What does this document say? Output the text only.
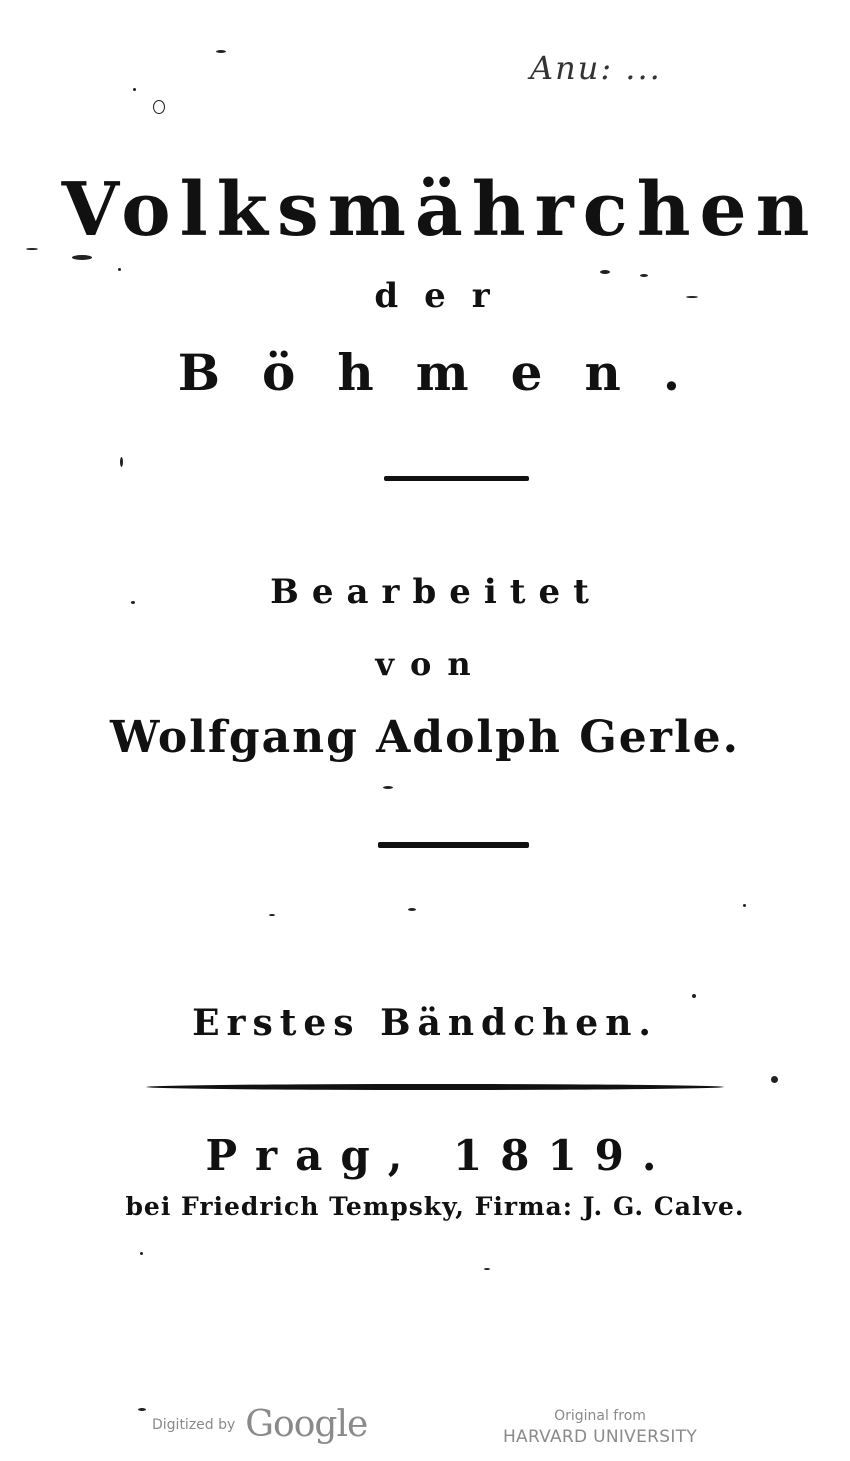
Anu: ...
Volksmährchen
der
Böhmen.
Bearbeitet
von
Wolfgang Adolph Gerle.
Erstes Bändchen.
Prag, 1819.
bei Friedrich Tempsky, Firma: J. G. Calve.
Digitized by Google	Original from
HARVARD UNIVERSITY
